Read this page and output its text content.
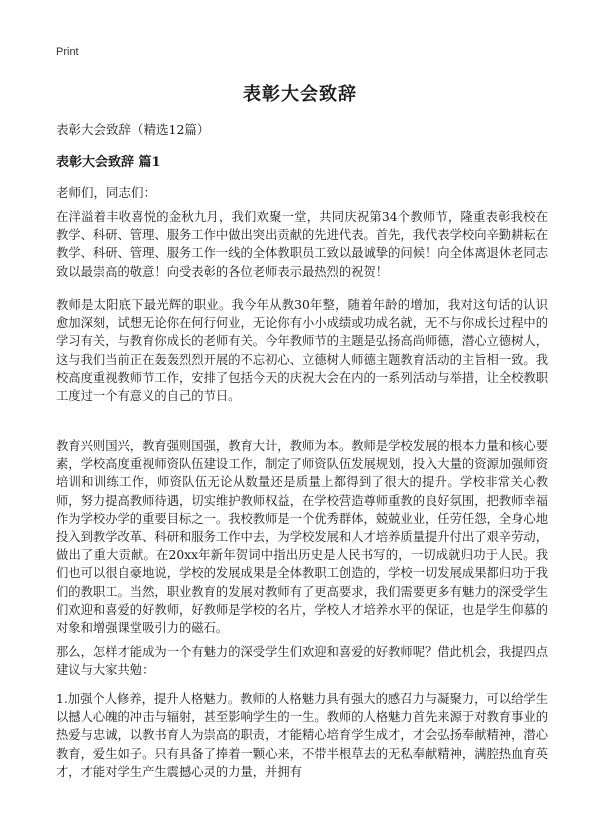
Print
表彰大会致辞
表彰大会致辞（精选12篇）
表彰大会致辞 篇1
老师们，同志们：

在洋溢着丰收喜悦的金秋九月，我们欢聚一堂，共同庆祝第34个教师节，隆重表彰我校在教学、科研、管理、服务工作中做出突出贡献的先进代表。首先，我代表学校向辛勤耕耘在教学、科研、管理、服务工作一线的全体教职员工致以最诚挚的问候！向全体离退休老同志致以最崇高的敬意！向受表彰的各位老师表示最热烈的祝贺！

教师是太阳底下最光辉的职业。我今年从教30年整，随着年龄的增加，我对这句话的认识愈加深刻，试想无论你在何行何业，无论你有小小成绩或功成名就，无不与你成长过程中的学习有关，与教育你成长的老师有关。今年教师节的主题是弘扬高尚师德，潜心立德树人，这与我们当前正在轰轰烈烈开展的不忘初心、立德树人师德主题教育活动的主旨相一致。我校高度重视教师节工作，安排了包括今天的庆祝大会在内的一系列活动与举措，让全校教职工度过一个有意义的自己的节日。

教育兴则国兴，教育强则国强，教育大计，教师为本。教师是学校发展的根本力量和核心要素，学校高度重视师资队伍建设工作，制定了师资队伍发展规划，投入大量的资源加强师资培训和训练工作，师资队伍无论从数量还是质量上都得到了很大的提升。学校非常关心教师，努力提高教师待遇，切实维护教师权益，在学校营造尊师重教的良好氛围，把教师幸福作为学校办学的重要目标之一。我校教师是一个优秀群体，兢兢业业，任劳任怨，全身心地投入到教学改革、科研和服务工作中去，为学校发展和人才培养质量提升付出了艰辛劳动，做出了重大贡献。在20xx年新年贺词中指出历史是人民书写的，一切成就归功于人民。我们也可以很自豪地说，学校的发展成果是全体教职工创造的，学校一切发展成果都归功于我们的教职工。当然，职业教育的发展对教师有了更高要求，我们需要更多有魅力的深受学生们欢迎和喜爱的好教师，好教师是学校的名片，学校人才培养水平的保证，也是学生仰慕的对象和增强课堂吸引力的磁石。

那么，怎样才能成为一个有魅力的深受学生们欢迎和喜爱的好教师呢？借此机会，我提四点建议与大家共勉：

1.加强个人修养，提升人格魅力。教师的人格魅力具有强大的感召力与凝聚力，可以给学生以撼人心魄的冲击与辐射，甚至影响学生的一生。教师的人格魅力首先来源于对教育事业的热爱与忠诚，以教书育人为崇高的职责，才能精心培育学生成才，才会弘扬奉献精神，潜心教育，爱生如子。只有具备了捧着一颗心来，不带半根草去的无私奉献精神，满腔热血育英才，才能对学生产生震撼心灵的力量，并拥有
